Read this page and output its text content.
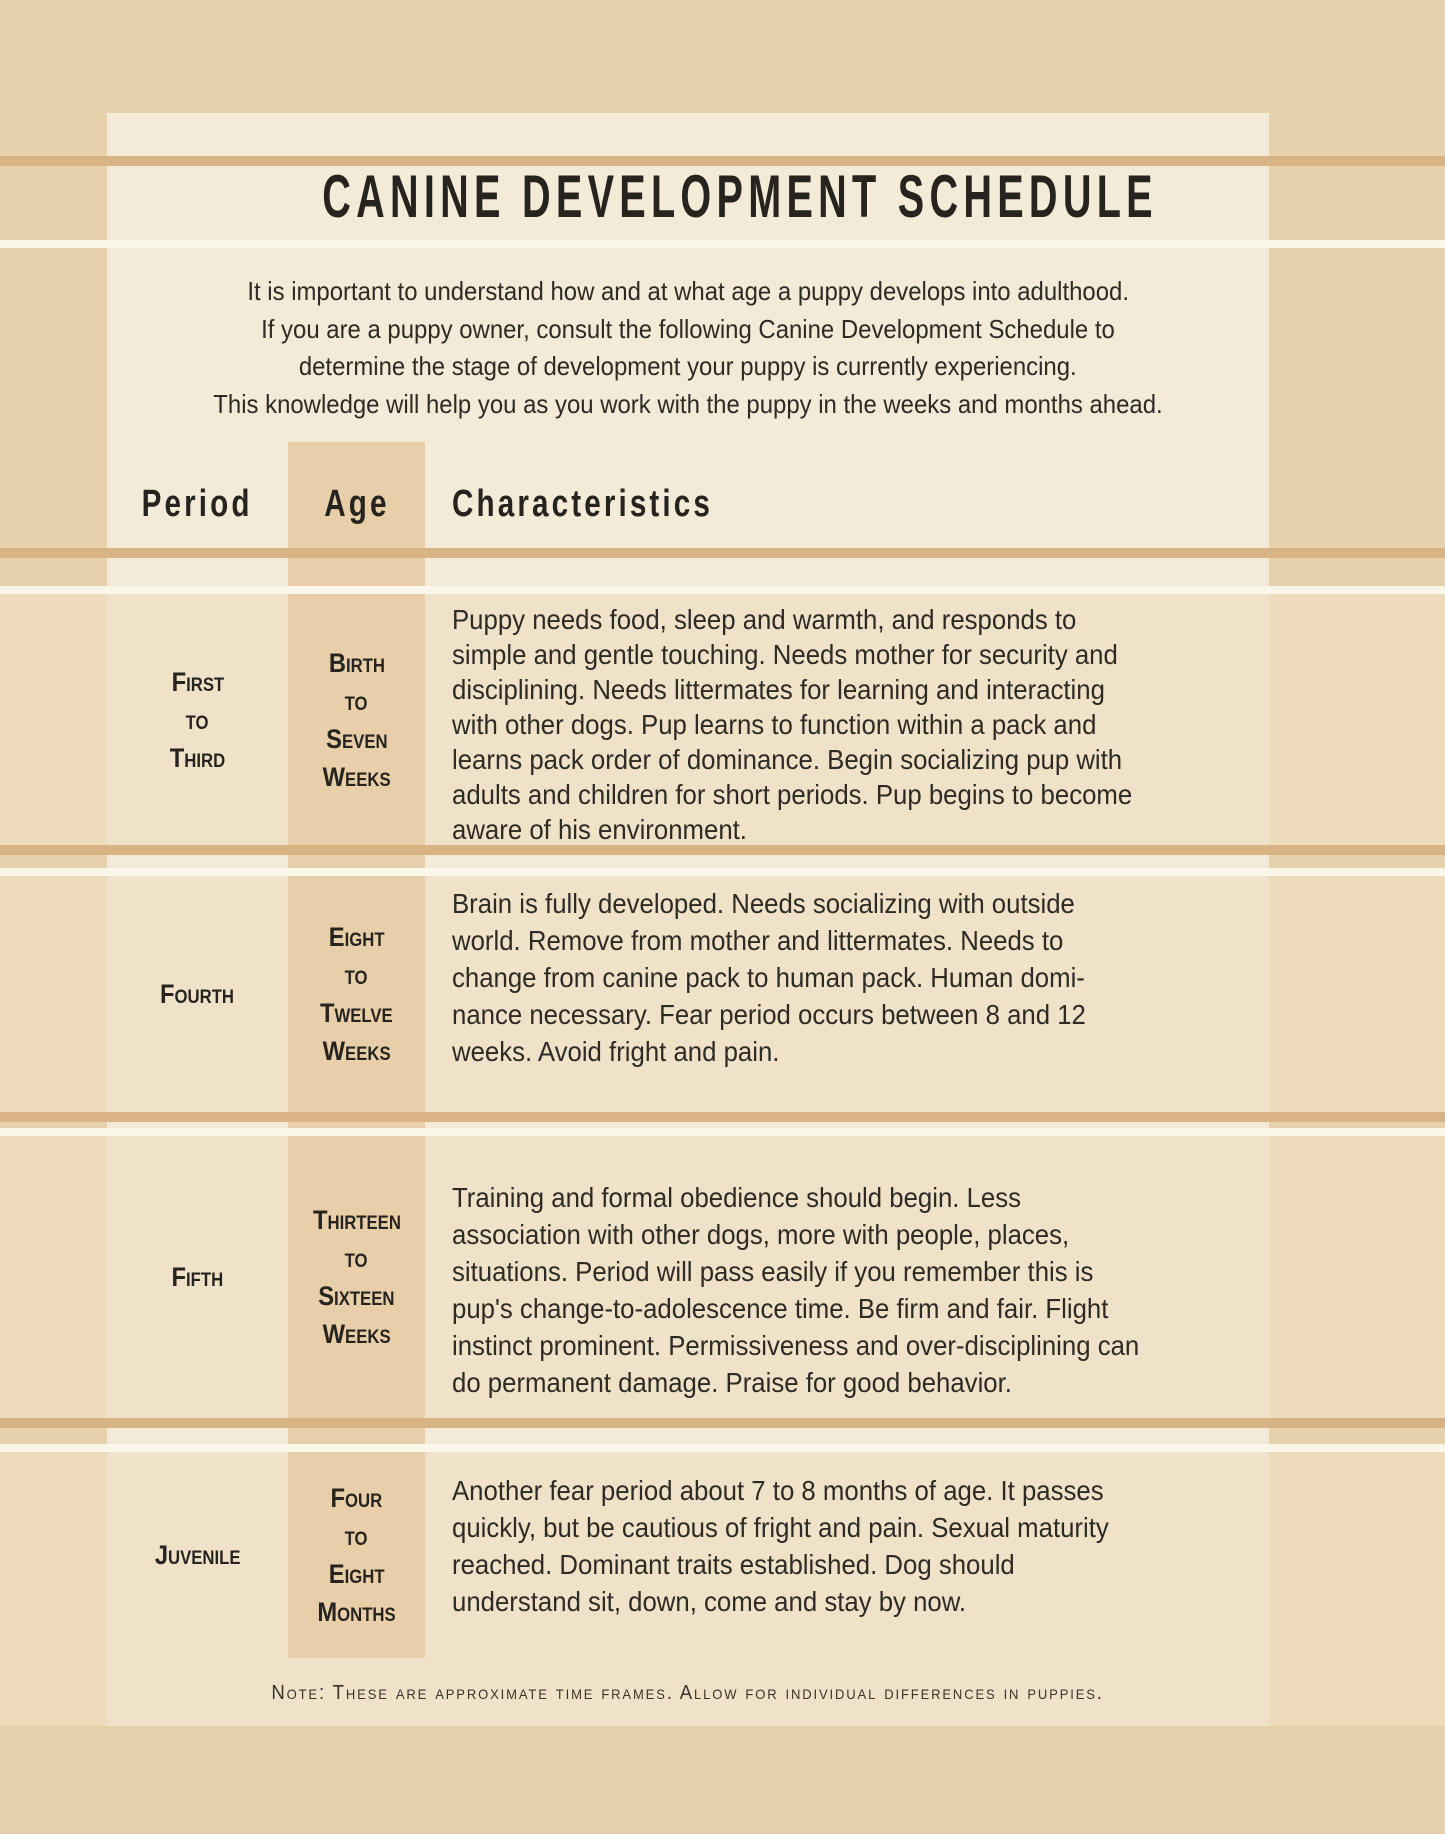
CANINE DEVELOPMENT SCHEDULE
It is important to understand how and at what age a puppy develops into adulthood.
If you are a puppy owner, consult the following Canine Development Schedule to
determine the stage of development your puppy is currently experiencing.
This knowledge will help you as you work with the puppy in the weeks and months ahead.
Period Age Characteristics
First
to
Third
Birth
to
Seven
Weeks
Puppy needs food, sleep and warmth, and responds to
simple and gentle touching. Needs mother for security and
disciplining. Needs littermates for learning and interacting
with other dogs. Pup learns to function within a pack and
learns pack order of dominance. Begin socializing pup with
adults and children for short periods. Pup begins to become
aware of his environment.
Fourth
Eight
to
Twelve
Weeks
Brain is fully developed. Needs socializing with outside
world. Remove from mother and littermates. Needs to
change from canine pack to human pack. Human domi-
nance necessary. Fear period occurs between 8 and 12
weeks. Avoid fright and pain.
Fifth
Thirteen
to
Sixteen
Weeks
Training and formal obedience should begin. Less
association with other dogs, more with people, places,
situations. Period will pass easily if you remember this is
pup's change-to-adolescence time. Be firm and fair. Flight
instinct prominent. Permissiveness and over-disciplining can
do permanent damage. Praise for good behavior.
Juvenile
Four
to
Eight
Months
Another fear period about 7 to 8 months of age. It passes
quickly, but be cautious of fright and pain. Sexual maturity
reached. Dominant traits established. Dog should
understand sit, down, come and stay by now.
Note: These are approximate time frames. Allow for individual differences in puppies.
